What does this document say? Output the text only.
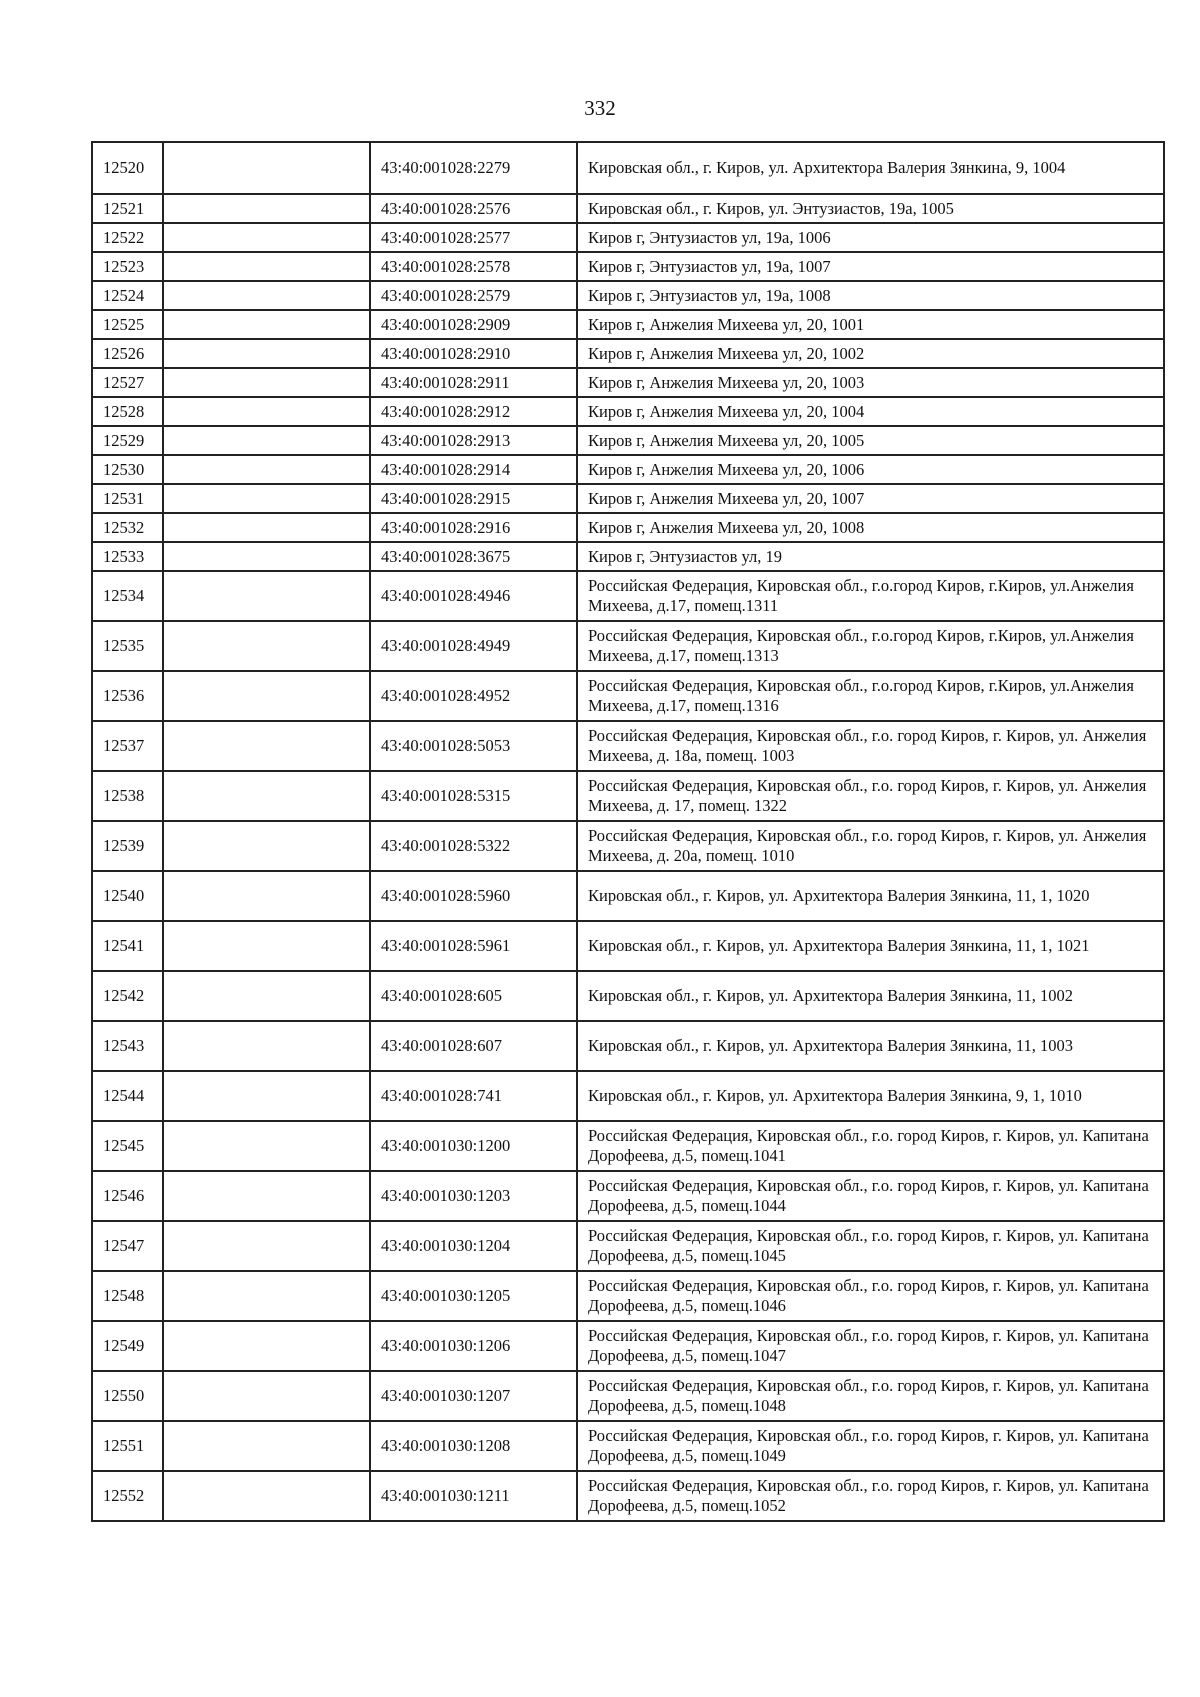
332
12520		43:40:001028:2279	Кировская обл., г. Киров, ул. Архитектора Валерия Зянкина, 9, 1004
12521		43:40:001028:2576	Кировская обл., г. Киров, ул. Энтузиастов, 19а, 1005
12522		43:40:001028:2577	Киров г, Энтузиастов ул, 19а, 1006
12523		43:40:001028:2578	Киров г, Энтузиастов ул, 19а, 1007
12524		43:40:001028:2579	Киров г, Энтузиастов ул, 19а, 1008
12525		43:40:001028:2909	Киров г, Анжелия Михеева ул, 20, 1001
12526		43:40:001028:2910	Киров г, Анжелия Михеева ул, 20, 1002
12527		43:40:001028:2911	Киров г, Анжелия Михеева ул, 20, 1003
12528		43:40:001028:2912	Киров г, Анжелия Михеева ул, 20, 1004
12529		43:40:001028:2913	Киров г, Анжелия Михеева ул, 20, 1005
12530		43:40:001028:2914	Киров г, Анжелия Михеева ул, 20, 1006
12531		43:40:001028:2915	Киров г, Анжелия Михеева ул, 20, 1007
12532		43:40:001028:2916	Киров г, Анжелия Михеева ул, 20, 1008
12533		43:40:001028:3675	Киров г, Энтузиастов ул, 19
12534		43:40:001028:4946	Российская Федерация, Кировская обл., г.о.город Киров, г.Киров, ул.Анжелия Михеева, д.17, помещ.1311
12535		43:40:001028:4949	Российская Федерация, Кировская обл., г.о.город Киров, г.Киров, ул.Анжелия Михеева, д.17, помещ.1313
12536		43:40:001028:4952	Российская Федерация, Кировская обл., г.о.город Киров, г.Киров, ул.Анжелия Михеева, д.17, помещ.1316
12537		43:40:001028:5053	Российская Федерация, Кировская обл., г.о. город Киров, г. Киров, ул. Анжелия Михеева, д. 18а, помещ. 1003
12538		43:40:001028:5315	Российская Федерация, Кировская обл., г.о. город Киров, г. Киров, ул. Анжелия Михеева, д. 17, помещ. 1322
12539		43:40:001028:5322	Российская Федерация, Кировская обл., г.о. город Киров, г. Киров, ул. Анжелия Михеева, д. 20а, помещ. 1010
12540		43:40:001028:5960	Кировская обл., г. Киров, ул. Архитектора Валерия Зянкина, 11, 1, 1020
12541		43:40:001028:5961	Кировская обл., г. Киров, ул. Архитектора Валерия Зянкина, 11, 1, 1021
12542		43:40:001028:605	Кировская обл., г. Киров, ул. Архитектора Валерия Зянкина, 11, 1002
12543		43:40:001028:607	Кировская обл., г. Киров, ул. Архитектора Валерия Зянкина, 11, 1003
12544		43:40:001028:741	Кировская обл., г. Киров, ул. Архитектора Валерия Зянкина, 9, 1, 1010
12545		43:40:001030:1200	Российская Федерация, Кировская обл., г.о. город Киров, г. Киров, ул. Капитана Дорофеева, д.5, помещ.1041
12546		43:40:001030:1203	Российская Федерация, Кировская обл., г.о. город Киров, г. Киров, ул. Капитана Дорофеева, д.5, помещ.1044
12547		43:40:001030:1204	Российская Федерация, Кировская обл., г.о. город Киров, г. Киров, ул. Капитана Дорофеева, д.5, помещ.1045
12548		43:40:001030:1205	Российская Федерация, Кировская обл., г.о. город Киров, г. Киров, ул. Капитана Дорофеева, д.5, помещ.1046
12549		43:40:001030:1206	Российская Федерация, Кировская обл., г.о. город Киров, г. Киров, ул. Капитана Дорофеева, д.5, помещ.1047
12550		43:40:001030:1207	Российская Федерация, Кировская обл., г.о. город Киров, г. Киров, ул. Капитана Дорофеева, д.5, помещ.1048
12551		43:40:001030:1208	Российская Федерация, Кировская обл., г.о. город Киров, г. Киров, ул. Капитана Дорофеева, д.5, помещ.1049
12552		43:40:001030:1211	Российская Федерация, Кировская обл., г.о. город Киров, г. Киров, ул. Капитана Дорофеева, д.5, помещ.1052
